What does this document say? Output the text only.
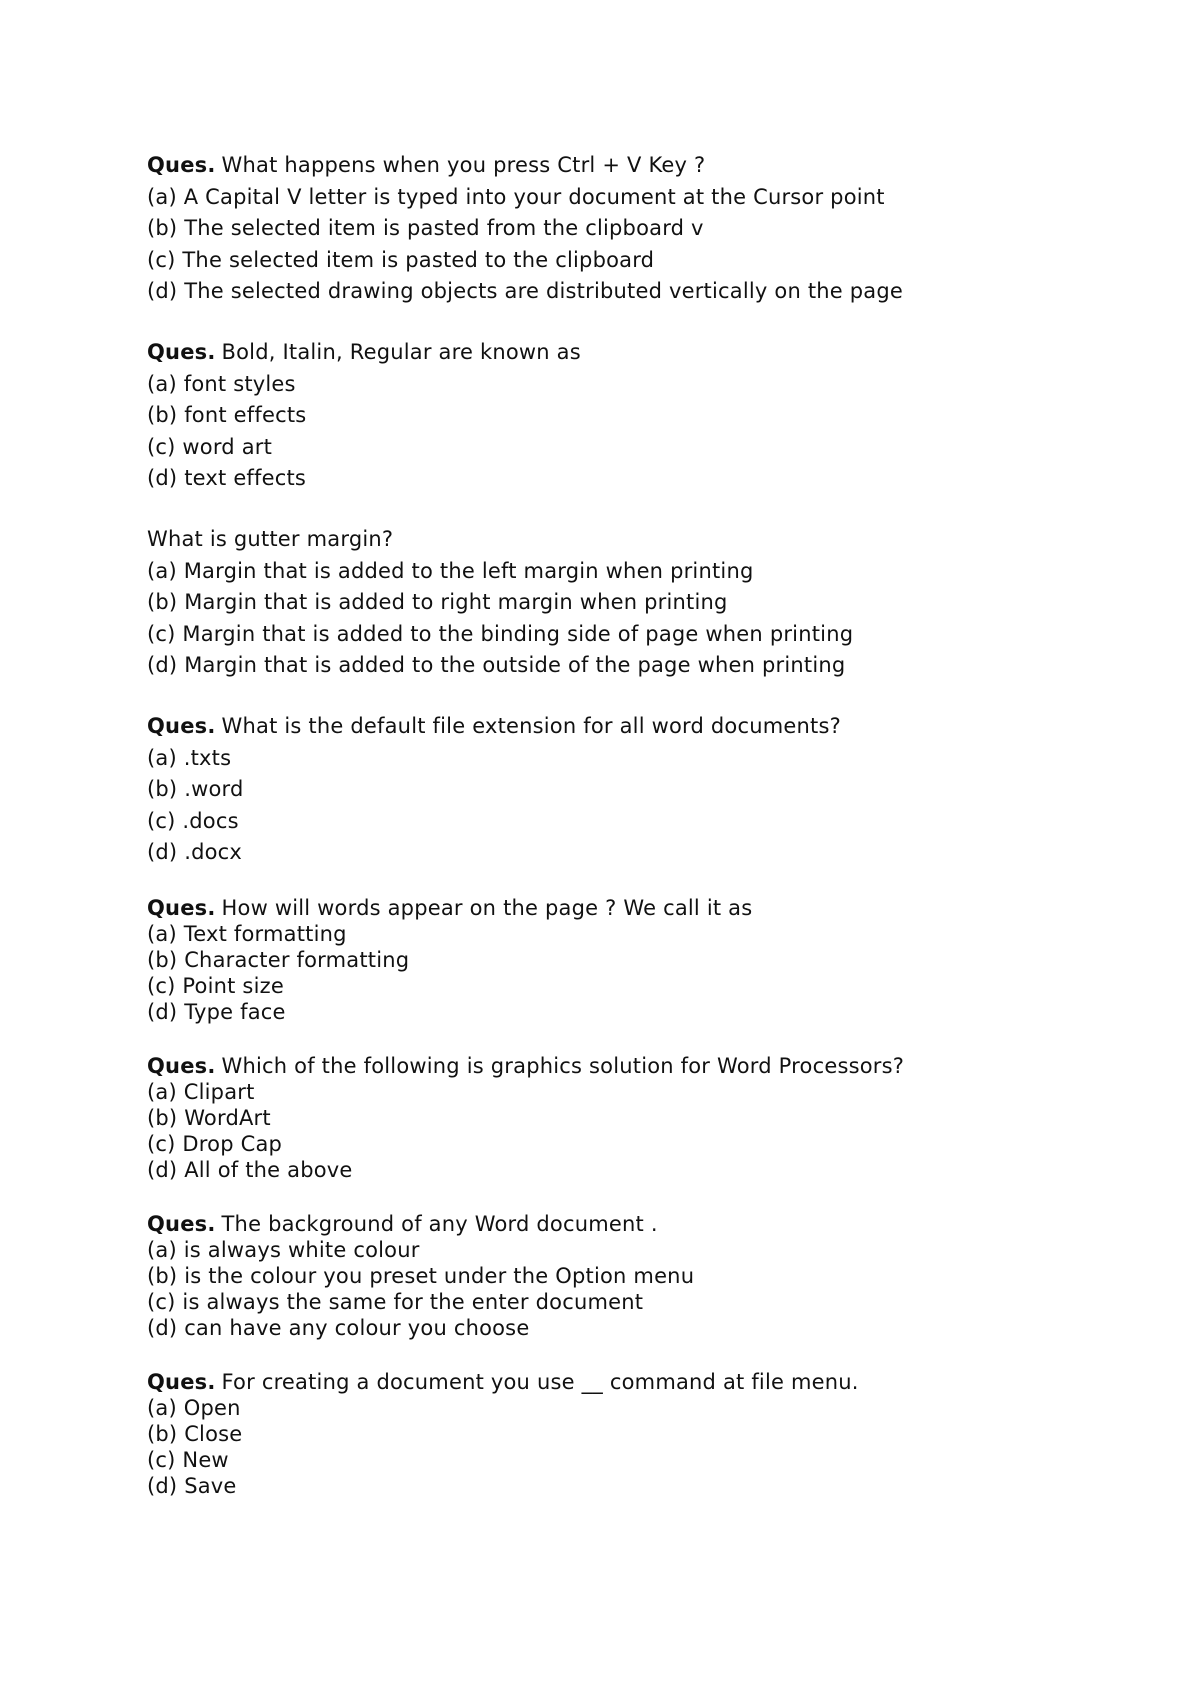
Ques. What happens when you press Ctrl + V Key ?
(a) A Capital V letter is typed into your document at the Cursor point
(b) The selected item is pasted from the clipboard v
(c) The selected item is pasted to the clipboard
(d) The selected drawing objects are distributed vertically on the page
Ques. Bold, Italin, Regular are known as
(a) font styles
(b) font effects
(c) word art
(d) text effects
What is gutter margin?
(a) Margin that is added to the left margin when printing
(b) Margin that is added to right margin when printing
(c) Margin that is added to the binding side of page when printing
(d) Margin that is added to the outside of the page when printing
Ques. What is the default file extension for all word documents?
(a) .txts
(b) .word
(c) .docs
(d) .docx
Ques. How will words appear on the page ? We call it as
(a) Text formatting
(b) Character formatting
(c) Point size
(d) Type face
Ques. Which of the following is graphics solution for Word Processors?
(a) Clipart
(b) WordArt
(c) Drop Cap
(d) All of the above
Ques. The background of any Word document .
(a) is always white colour
(b) is the colour you preset under the Option menu
(c) is always the same for the enter document
(d) can have any colour you choose
Ques. For creating a document you use __ command at file menu.
(a) Open
(b) Close
(c) New
(d) Save
